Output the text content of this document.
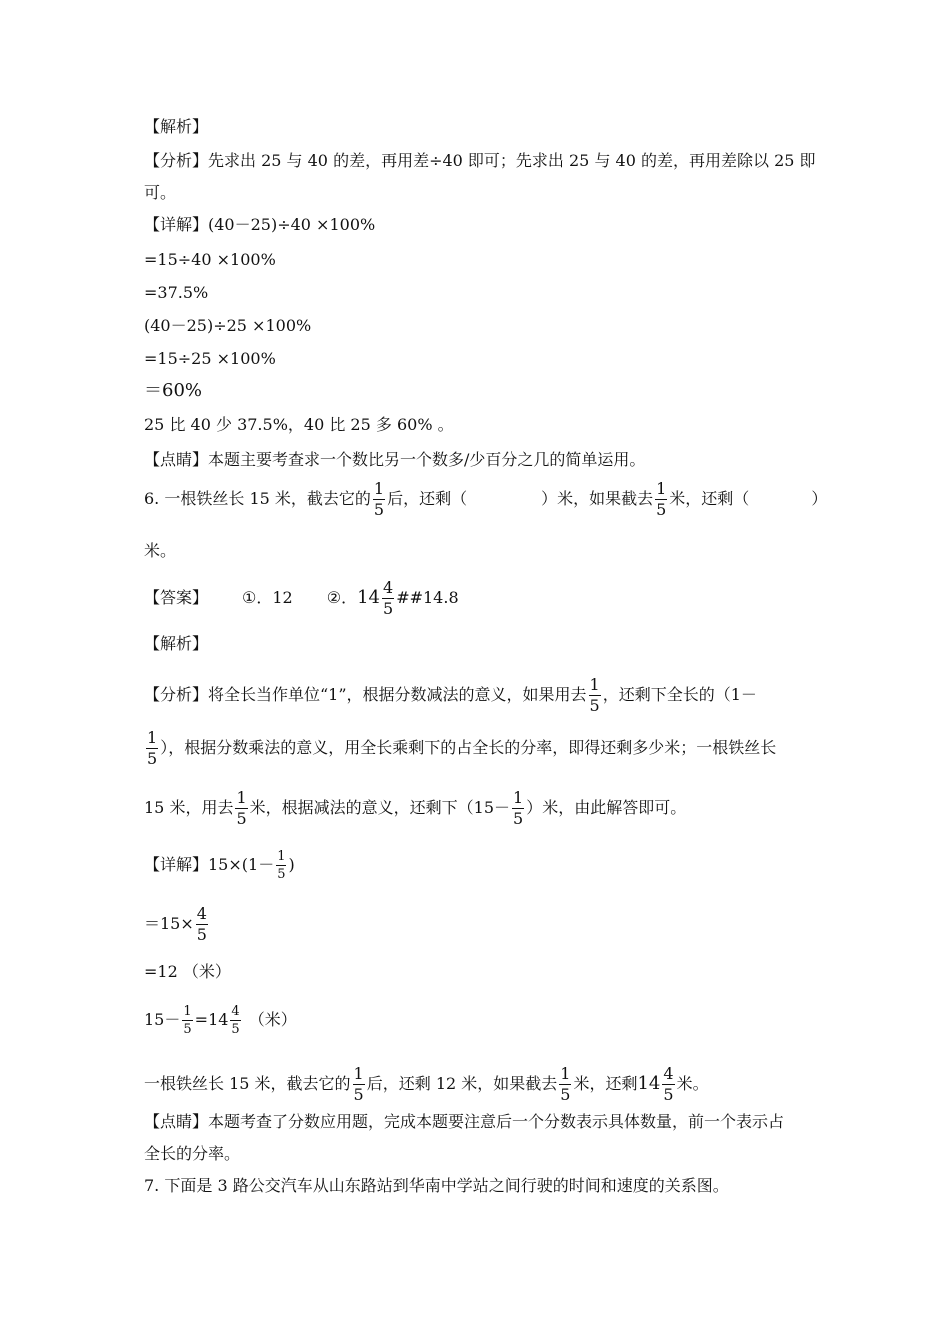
【解析】
【分析】先求出 25 与 40 的差，再用差÷40 即可；先求出 25 与 40 的差，再用差除以 25 即
可。
【详解】(40－25)÷40 ×100%
=15÷40 ×100%
=37.5%
(40－25)÷25 ×100%
=15÷25 ×100%
＝60%
25 比 40 少 37.5%，40 比 25 多 60% 。
【点睛】本题主要考查求一个数比另一个数多/少百分之几的简单运用。
6. 一根铁丝长 15 米，截去它的 $\frac{1}{5}$ 后，还剩（	）米，如果截去 $\frac{1}{5}$ 米，还剩（	）
米。
【答案】 ①．12 ②．$14 \frac{4}{5}$ ##14.8
【解析】
【分析】将全长当作单位“1”，根据分数减法的意义，如果用去 $\frac{1}{5}$ ，还剩下全长的（1－
$\frac{1}{5}$ ），根据分数乘法的意义，用全长乘剩下的占全长的分率，即得还剩多少米；一根铁丝长
15 米，用去 $\frac{1}{5}$ 米，根据减法的意义，还剩下（$15- \frac{1}{5}$ ）米，由此解答即可。
【详解】$15\times(1- \frac{1}{5}$ )
$=15\times \frac{4}{5}$
=12 （米）
$15- \frac{1}{5} =14 \frac{4}{5}$ （米）
一根铁丝长 15 米，截去它的 $\frac{1}{5}$ 后，还剩 12 米，如果截去 $\frac{1}{5}$ 米，还剩$14 \frac{4}{5}$ 米。
【点睛】本题考查了分数应用题，完成本题要注意后一个分数表示具体数量，前一个表示占
全长的分率。
7. 下面是 3 路公交汽车从山东路站到华南中学站之间行驶的时间和速度的关系图。
